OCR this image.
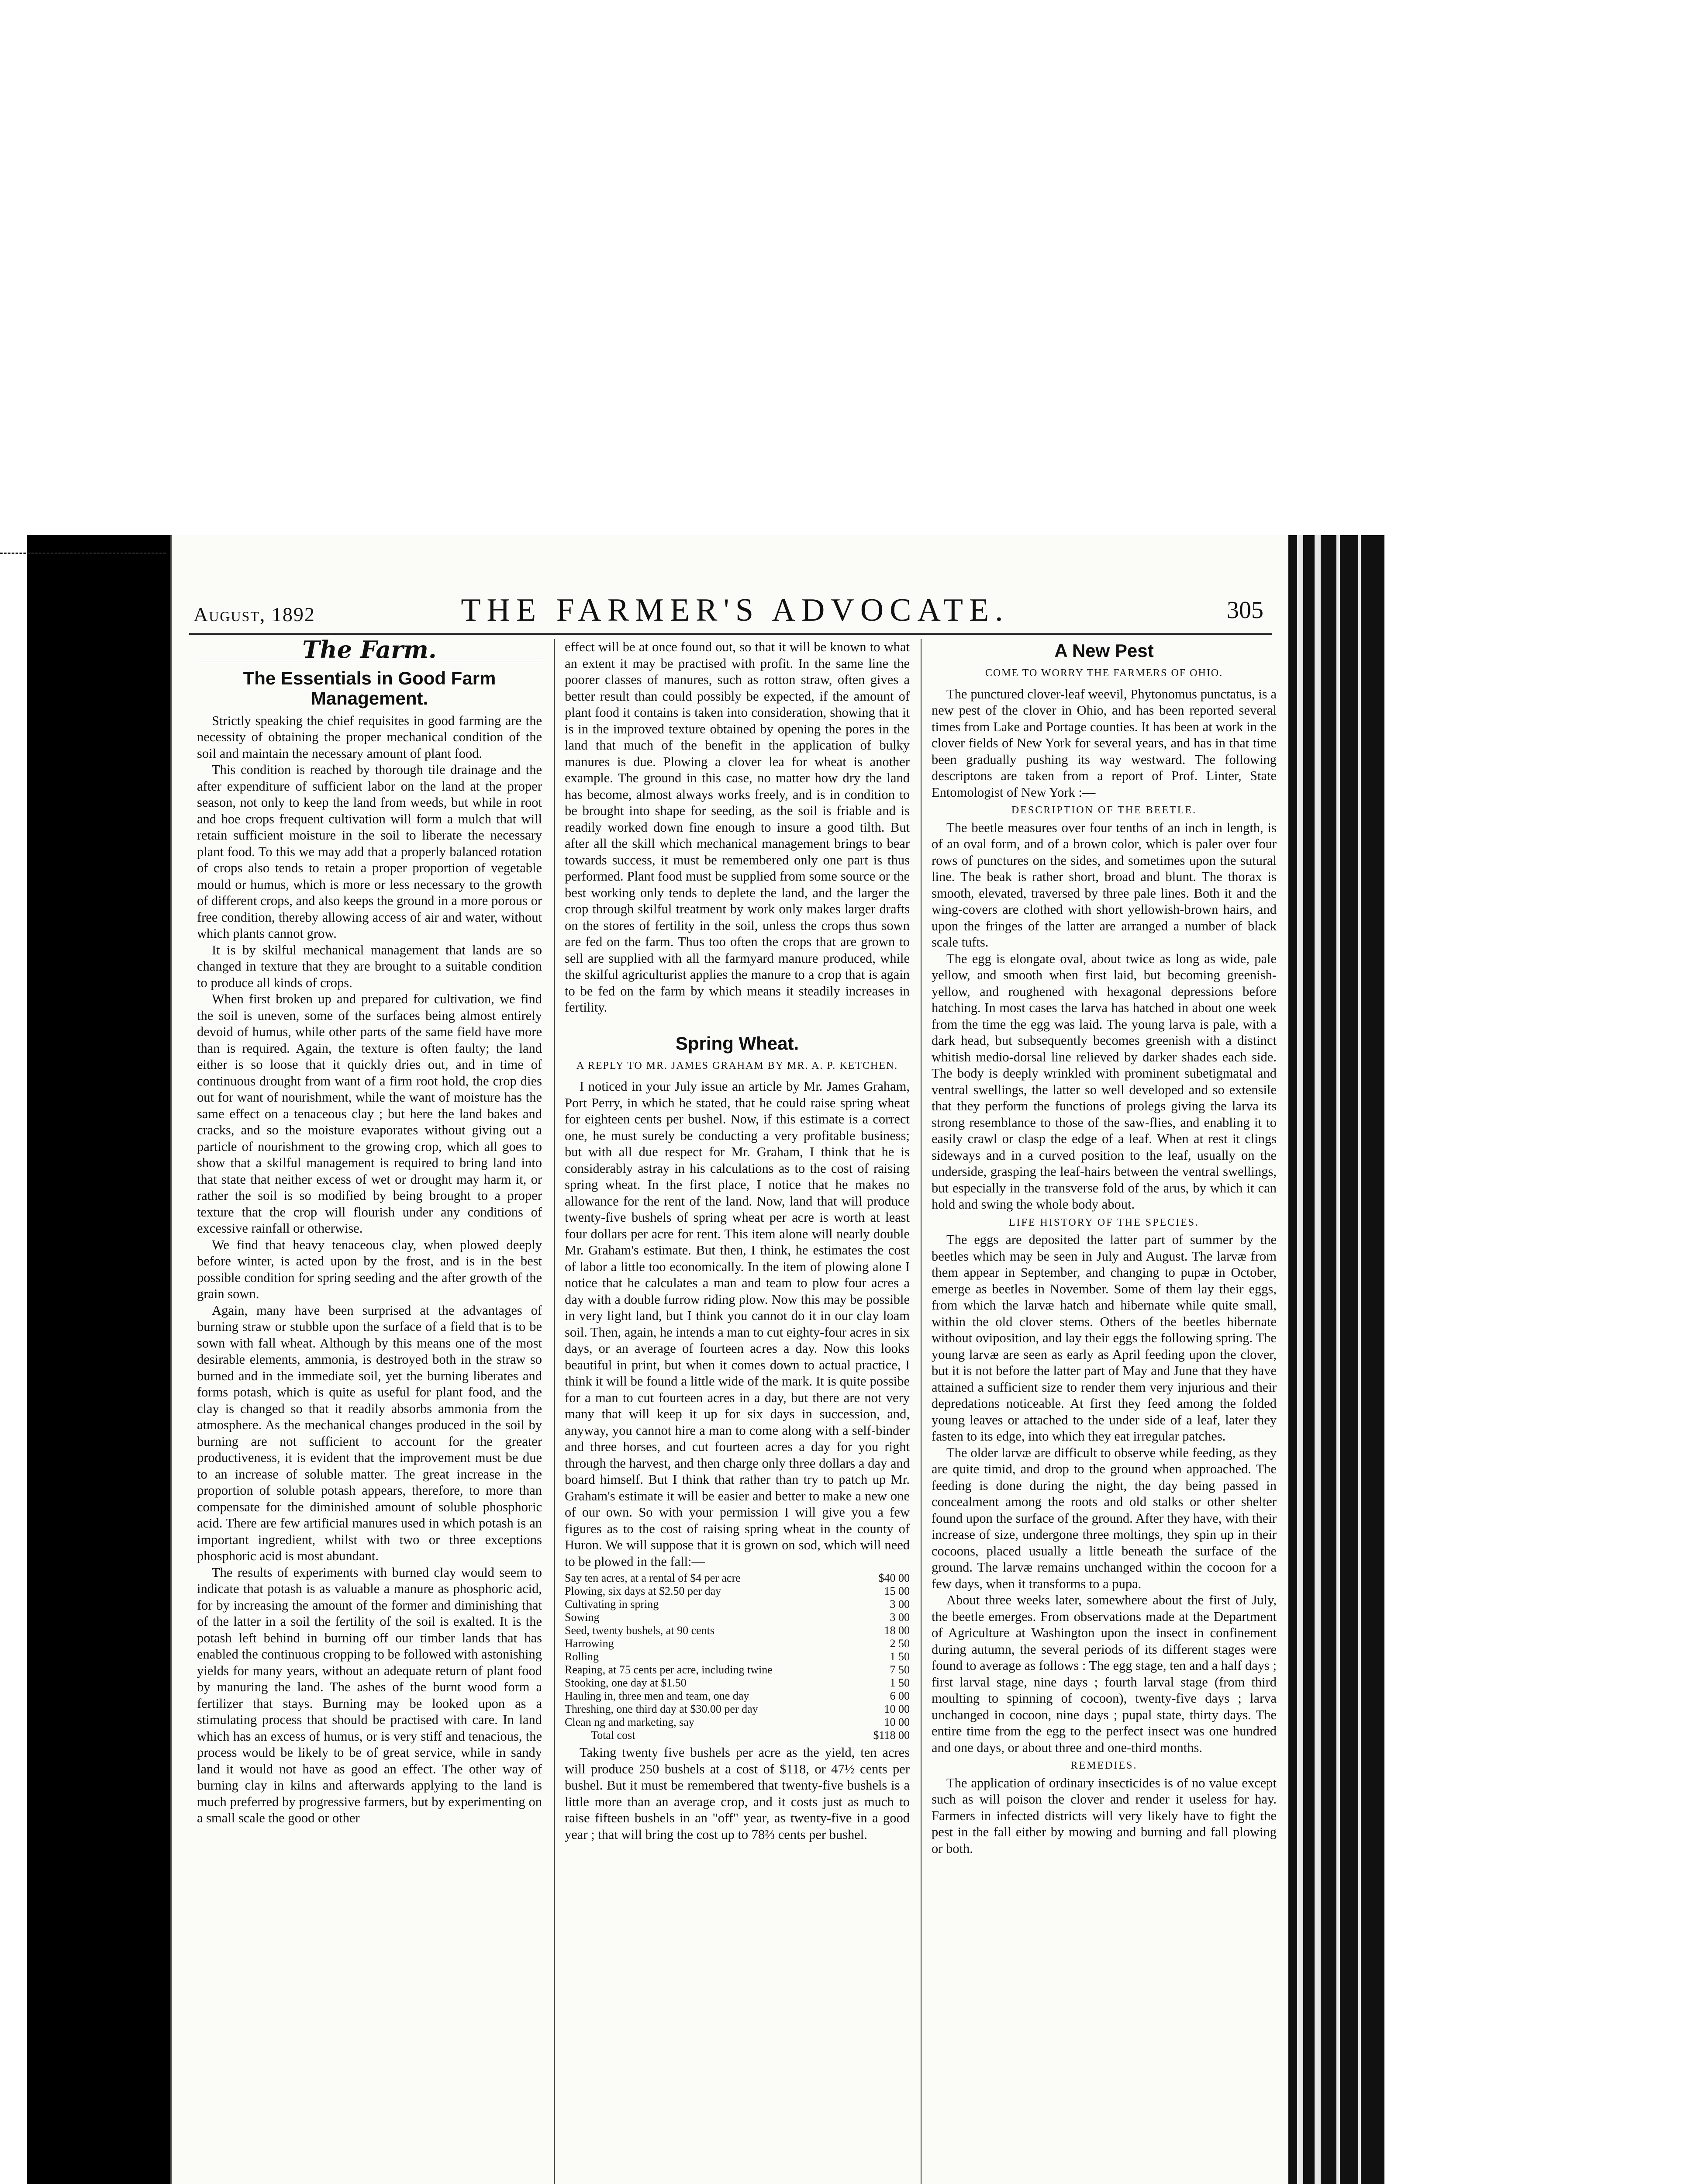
August, 1892	THE FARMER'S ADVOCATE.	305
The Farm.
The Essentials in Good Farm Management.

Strictly speaking the chief requisites in good farming are the necessity of obtaining the proper mechanical condition of the soil and maintain the necessary amount of plant food.

This condition is reached by thorough tile drainage and the after expenditure of sufficient labor on the land at the proper season, not only to keep the land from weeds, but while in root and hoe crops frequent cultivation will form a mulch that will retain sufficient moisture in the soil to liberate the necessary plant food. To this we may add that a properly balanced rotation of crops also tends to retain a proper proportion of vegetable mould or humus, which is more or less necessary to the growth of different crops, and also keeps the ground in a more porous or free condition, thereby allowing access of air and water, without which plants cannot grow.

It is by skilful mechanical management that lands are so changed in texture that they are brought to a suitable condition to produce all kinds of crops.

When first broken up and prepared for cultivation, we find the soil is uneven, some of the surfaces being almost entirely devoid of humus, while other parts of the same field have more than is required. Again, the texture is often faulty; the land either is so loose that it quickly dries out, and in time of continuous drought from want of a firm root hold, the crop dies out for want of nourishment, while the want of moisture has the same effect on a tenaceous clay ; but here the land bakes and cracks, and so the moisture evaporates without giving out a particle of nourishment to the growing crop, which all goes to show that a skilful management is required to bring land into that state that neither excess of wet or drought may harm it, or rather the soil is so modified by being brought to a proper texture that the crop will flourish under any conditions of excessive rainfall or otherwise.

We find that heavy tenaceous clay, when plowed deeply before winter, is acted upon by the frost, and is in the best possible condition for spring seeding and the after growth of the grain sown.

Again, many have been surprised at the advantages of burning straw or stubble upon the surface of a field that is to be sown with fall wheat. Although by this means one of the most desirable elements, ammonia, is destroyed both in the straw so burned and in the immediate soil, yet the burning liberates and forms potash, which is quite as useful for plant food, and the clay is changed so that it readily absorbs ammonia from the atmosphere. As the mechanical changes produced in the soil by burning are not sufficient to account for the greater productiveness, it is evident that the improvement must be due to an increase of soluble matter. The great increase in the proportion of soluble potash appears, therefore, to more than compensate for the diminished amount of soluble phosphoric acid. There are few artificial manures used in which potash is an important ingredient, whilst with two or three exceptions phosphoric acid is most abundant.

The results of experiments with burned clay would seem to indicate that potash is as valuable a manure as phosphoric acid, for by increasing the amount of the former and diminishing that of the latter in a soil the fertility of the soil is exalted. It is the potash left behind in burning off our timber lands that has enabled the continuous cropping to be followed with astonishing yields for many years, without an adequate return of plant food by manuring the land. The ashes of the burnt wood form a fertilizer that stays. Burning may be looked upon as a stimulating process that should be practised with care. In land which has an excess of humus, or is very stiff and tenacious, the process would be likely to be of great service, while in sandy land it would not have as good an effect. The other way of burning clay in kilns and afterwards applying to the land is much preferred by progressive farmers, but by experimenting on a small scale the good or other

effect will be at once found out, so that it will be known to what an extent it may be practised with profit. In the same line the poorer classes of manures, such as rotton straw, often gives a better result than could possibly be expected, if the amount of plant food it contains is taken into consideration, showing that it is in the improved texture obtained by opening the pores in the land that much of the benefit in the application of bulky manures is due. Plowing a clover lea for wheat is another example. The ground in this case, no matter how dry the land has become, almost always works freely, and is in condition to be brought into shape for seeding, as the soil is friable and is readily worked down fine enough to insure a good tilth. But after all the skill which mechanical management brings to bear towards success, it must be remembered only one part is thus performed. Plant food must be supplied from some source or the best working only tends to deplete the land, and the larger the crop through skilful treatment by work only makes larger drafts on the stores of fertility in the soil, unless the crops thus sown are fed on the farm. Thus too often the crops that are grown to sell are supplied with all the farmyard manure produced, while the skilful agriculturist applies the manure to a crop that is again to be fed on the farm by which means it steadily increases in fertility.

Spring Wheat.
A REPLY TO MR. JAMES GRAHAM BY MR. A. P. KETCHEN.

I noticed in your July issue an article by Mr. James Graham, Port Perry, in which he stated, that he could raise spring wheat for eighteen cents per bushel. Now, if this estimate is a correct one, he must surely be conducting a very profitable business; but with all due respect for Mr. Graham, I think that he is considerably astray in his calculations as to the cost of raising spring wheat. In the first place, I notice that he makes no allowance for the rent of the land. Now, land that will produce twenty-five bushels of spring wheat per acre is worth at least four dollars per acre for rent. This item alone will nearly double Mr. Graham's estimate. But then, I think, he estimates the cost of labor a little too economically. In the item of plowing alone I notice that he calculates a man and team to plow four acres a day with a double furrow riding plow. Now this may be possible in very light land, but I think you cannot do it in our clay loam soil. Then, again, he intends a man to cut eighty-four acres in six days, or an average of fourteen acres a day. Now this looks beautiful in print, but when it comes down to actual practice, I think it will be found a little wide of the mark. It is quite possibe for a man to cut fourteen acres in a day, but there are not very many that will keep it up for six days in succession, and, anyway, you cannot hire a man to come along with a self-binder and three horses, and cut fourteen acres a day for you right through the harvest, and then charge only three dollars a day and board himself. But I think that rather than try to patch up Mr. Graham's estimate it will be easier and better to make a new one of our own. So with your permission I will give you a few figures as to the cost of raising spring wheat in the county of Huron. We will suppose that it is grown on sod, which will need to be plowed in the fall:—

Say ten acres, at a rental of $4 per acre	$40 00
Plowing, six days at $2.50 per day	15 00
Cultivating in spring	3 00
Sowing	3 00
Seed, twenty bushels, at 90 cents	18 00
Harrowing	2 50
Rolling	1 50
Reaping, at 75 cents per acre, including twine	7 50
Stooking, one day at $1.50	1 50
Hauling in, three men and team, one day	6 00
Threshing, one third day at $30.00 per day	10 00
Clean ng and marketing, say	10 00
Total cost	$118 00

Taking twenty five bushels per acre as the yield, ten acres will produce 250 bushels at a cost of $118, or 47½ cents per bushel. But it must be remembered that twenty-five bushels is a little more than an average crop, and it costs just as much to raise fifteen bushels in an "off" year, as twenty-five in a good year ; that will bring the cost up to 78⅔ cents per bushel.

A New Pest
COME TO WORRY THE FARMERS OF OHIO.

The punctured clover-leaf weevil, Phytonomus punctatus, is a new pest of the clover in Ohio, and has been reported several times from Lake and Portage counties. It has been at work in the clover fields of New York for several years, and has in that time been gradually pushing its way westward. The following descriptons are taken from a report of Prof. Linter, State Entomologist of New York :—

DESCRIPTION OF THE BEETLE.

The beetle measures over four tenths of an inch in length, is of an oval form, and of a brown color, which is paler over four rows of punctures on the sides, and sometimes upon the sutural line. The beak is rather short, broad and blunt. The thorax is smooth, elevated, traversed by three pale lines. Both it and the wing-covers are clothed with short yellowish-brown hairs, and upon the fringes of the latter are arranged a number of black scale tufts.

The egg is elongate oval, about twice as long as wide, pale yellow, and smooth when first laid, but becoming greenish-yellow, and roughened with hexagonal depressions before hatching. In most cases the larva has hatched in about one week from the time the egg was laid. The young larva is pale, with a dark head, but subsequently becomes greenish with a distinct whitish medio-dorsal line relieved by darker shades each side. The body is deeply wrinkled with prominent subetigmatal and ventral swellings, the latter so well developed and so extensile that they perform the functions of prolegs giving the larva its strong resemblance to those of the saw-flies, and enabling it to easily crawl or clasp the edge of a leaf. When at rest it clings sideways and in a curved position to the leaf, usually on the underside, grasping the leaf-hairs between the ventral swellings, but especially in the transverse fold of the arus, by which it can hold and swing the whole body about.

LIFE HISTORY OF THE SPECIES.

The eggs are deposited the latter part of summer by the beetles which may be seen in July and August. The larvæ from them appear in September, and changing to pupæ in October, emerge as beetles in November. Some of them lay their eggs, from which the larvæ hatch and hibernate while quite small, within the old clover stems. Others of the beetles hibernate without oviposition, and lay their eggs the following spring. The young larvæ are seen as early as April feeding upon the clover, but it is not before the latter part of May and June that they have attained a sufficient size to render them very injurious and their depredations noticeable. At first they feed among the folded young leaves or attached to the under side of a leaf, later they fasten to its edge, into which they eat irregular patches.

The older larvæ are difficult to observe while feeding, as they are quite timid, and drop to the ground when approached. The feeding is done during the night, the day being passed in concealment among the roots and old stalks or other shelter found upon the surface of the ground. After they have, with their increase of size, undergone three moltings, they spin up in their cocoons, placed usually a little beneath the surface of the ground. The larvæ remains unchanged within the cocoon for a few days, when it transforms to a pupa.

About three weeks later, somewhere about the first of July, the beetle emerges. From observations made at the Department of Agriculture at Washington upon the insect in confinement during autumn, the several periods of its different stages were found to average as follows : The egg stage, ten and a half days ; first larval stage, nine days ; fourth larval stage (from third moulting to spinning of cocoon), twenty-five days ; larva unchanged in cocoon, nine days ; pupal state, thirty days. The entire time from the egg to the perfect insect was one hundred and one days, or about three and one-third months.

REMEDIES.

The application of ordinary insecticides is of no value except such as will poison the clover and render it useless for hay. Farmers in infected districts will very likely have to fight the pest in the fall either by mowing and burning and fall plowing or both.
